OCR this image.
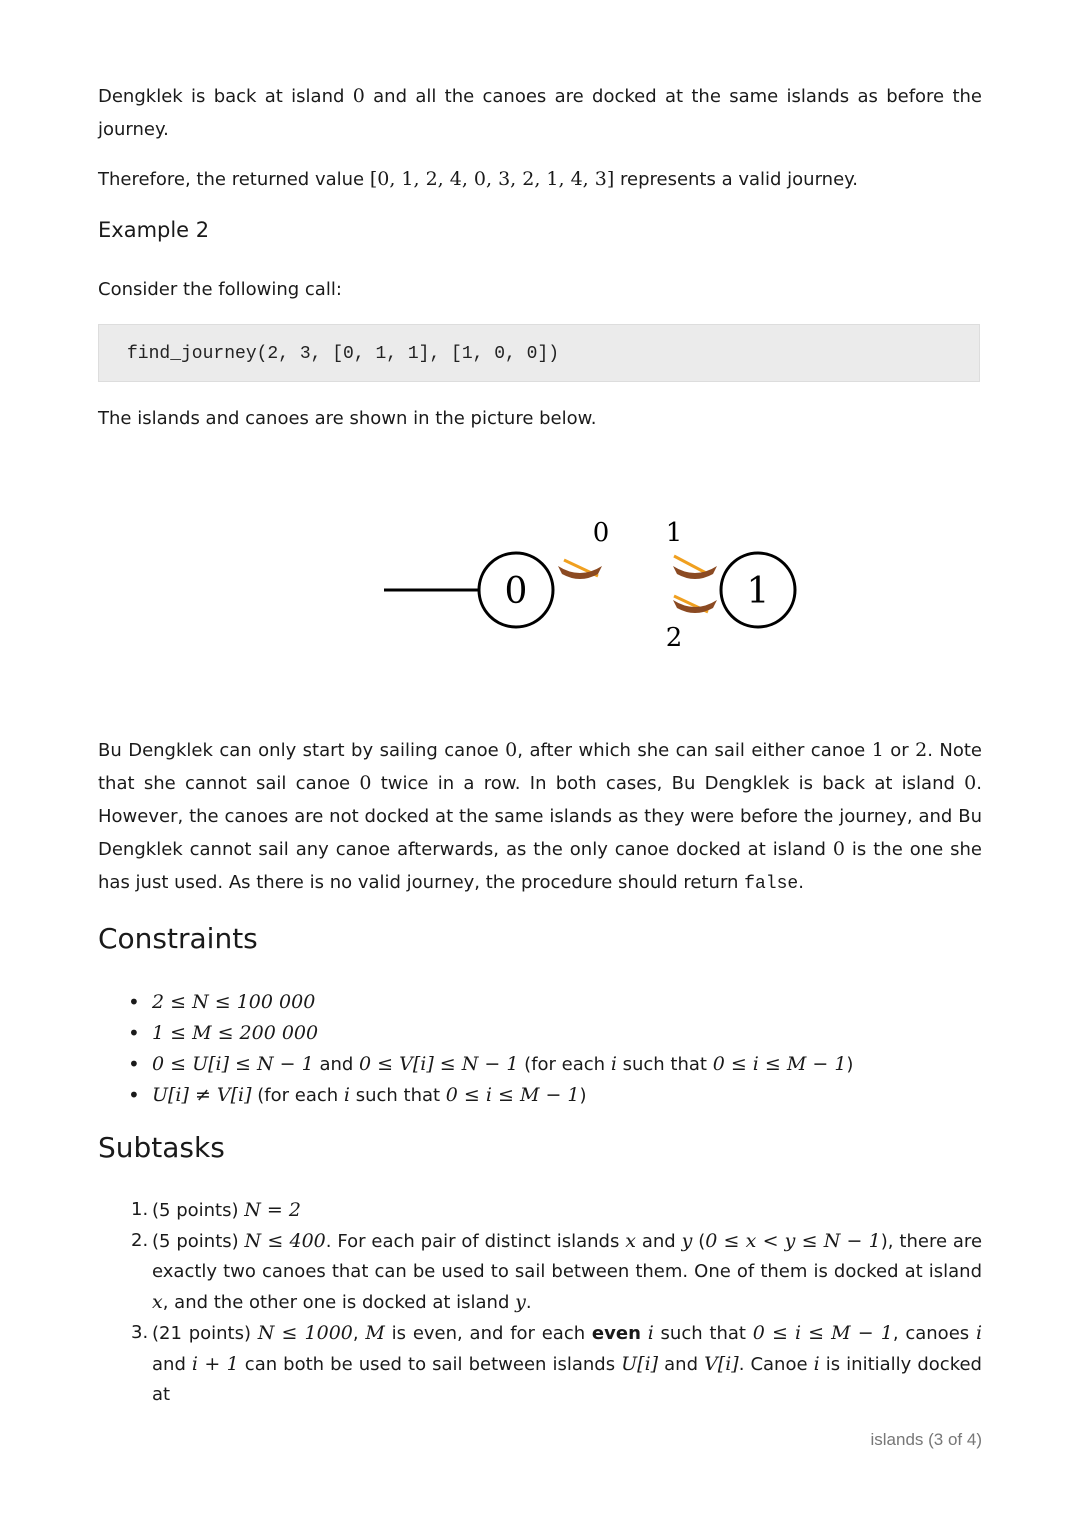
Dengklek is back at island 0 and all the canoes are docked at the same islands as before the journey.

Therefore, the returned value [0, 1, 2, 4, 0, 3, 2, 1, 4, 3] represents a valid journey.

Example 2

Consider the following call:

find_journey(2, 3, [0, 1, 1], [1, 0, 0])

The islands and canoes are shown in the picture below.

0	1
0 1
2

Bu Dengklek can only start by sailing canoe 0, after which she can sail either canoe 1 or 2. Note that she cannot sail canoe 0 twice in a row. In both cases, Bu Dengklek is back at island 0. However, the canoes are not docked at the same islands as they were before the journey, and Bu Dengklek cannot sail any canoe afterwards, as the only canoe docked at island 0 is the one she has just used. As there is no valid journey, the procedure should return false.

Constraints
• 2 ≤ N ≤ 100 000
• 1 ≤ M ≤ 200 000
• 0 ≤ U[i] ≤ N − 1 and 0 ≤ V[i] ≤ N − 1 (for each i such that 0 ≤ i ≤ M − 1)
• U[i] ≠ V[i] (for each i such that 0 ≤ i ≤ M − 1)
Subtasks
1. (5 points) N = 2
2. (5 points) N ≤ 400. For each pair of distinct islands x and y (0 ≤ x < y ≤ N − 1), there are exactly two canoes that can be used to sail between them. One of them is docked at island x, and the other one is docked at island y.
3. (21 points) N ≤ 1000, M is even, and for each even i such that 0 ≤ i ≤ M − 1, canoes i and i + 1 can both be used to sail between islands U[i] and V[i]. Canoe i is initially docked at
islands (3 of 4)
